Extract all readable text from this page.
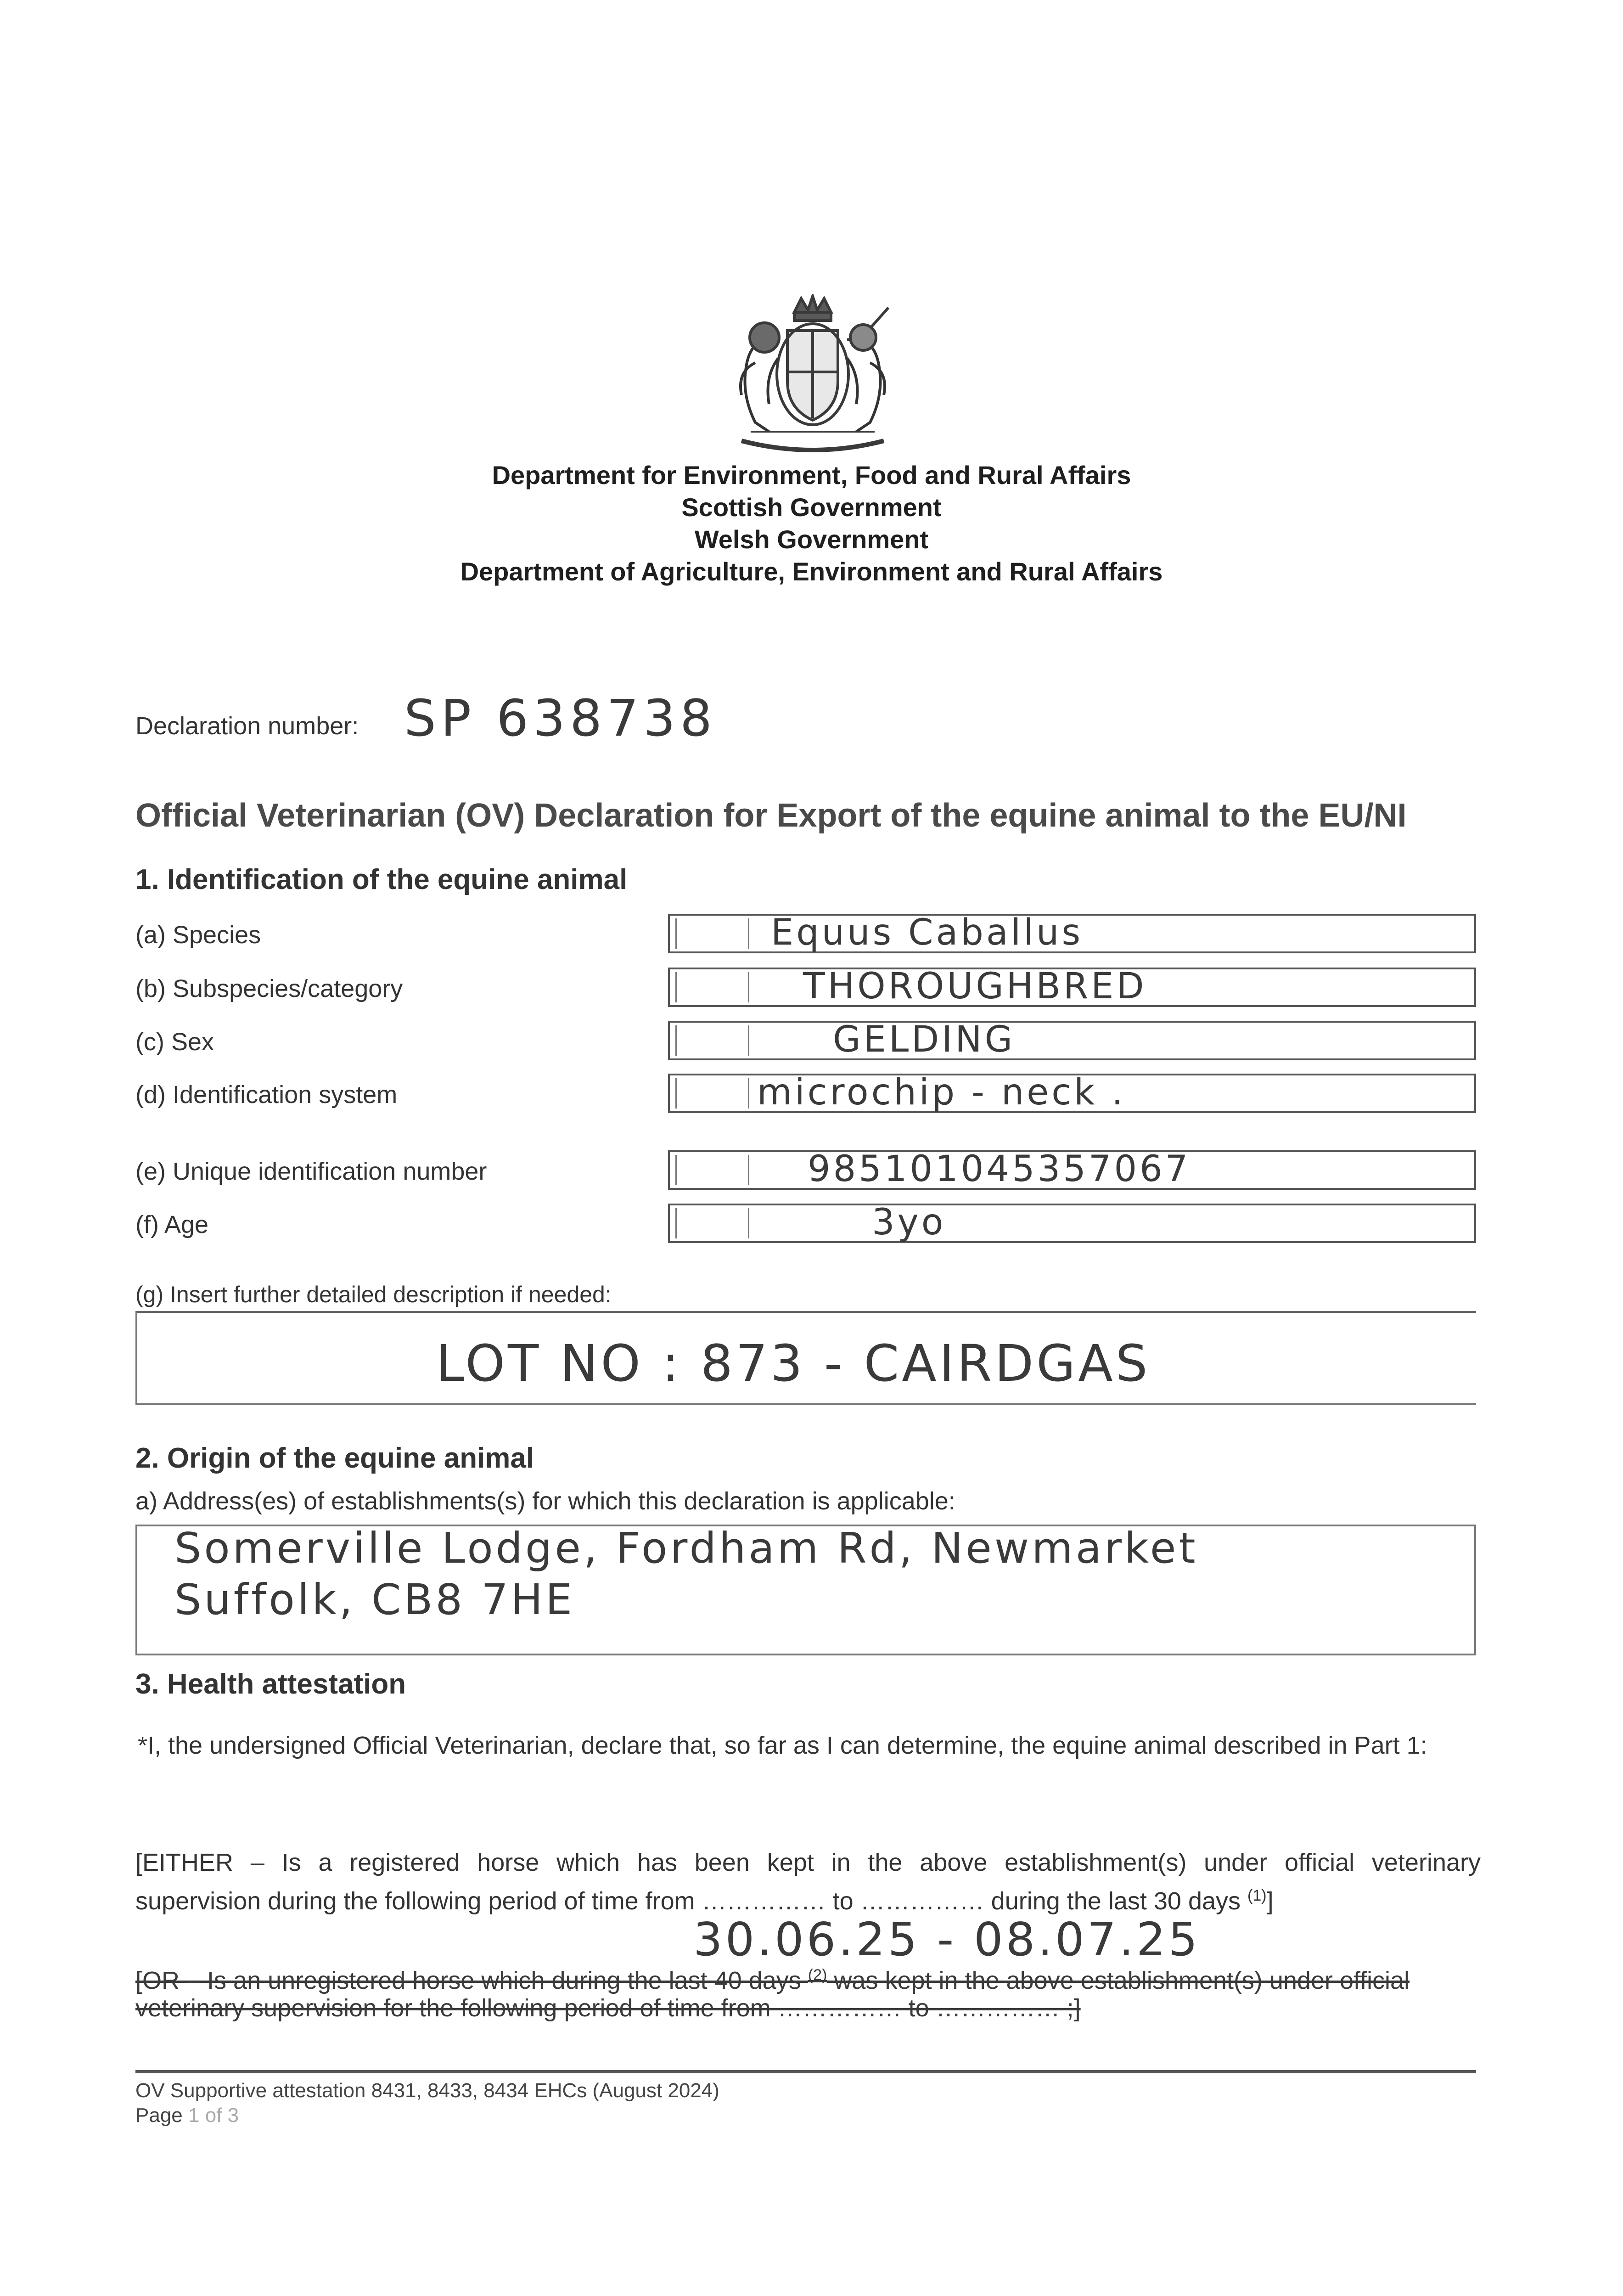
Department for Environment, Food and Rural Affairs
Scottish Government
Welsh Government
Department of Agriculture, Environment and Rural Affairs
Declaration number: SP 638738
Official Veterinarian (OV) Declaration for Export of the equine animal to the EU/NI
1. Identification of the equine animal
(a) Species	Equus Caballus
(b) Subspecies/category	THOROUGHBRED
(c) Sex	GELDING
(d) Identification system	microchip - neck .
(e) Unique identification number	985101045357067
(f) Age	3yo
(g) Insert further detailed description if needed:
LOT NO : 873 - CAIRDGAS
2. Origin of the equine animal
a) Address(es) of establishments(s) for which this declaration is applicable:
Somerville Lodge, Fordham Rd, Newmarket
Suffolk, CB8 7HE
3. Health attestation
*I, the undersigned Official Veterinarian, declare that, so far as I can determine, the equine animal described in Part 1:
[EITHER – Is a registered horse which has been kept in the above establishment(s) under official veterinary
supervision during the following period of time from …………… to …………… during the last 30 days $^{(1)}$]
30.06.25 - 08.07.25
[OR – Is an unregistered horse which during the last 40 days $^{(2)}$ was kept in the above establishment(s) under official
veterinary supervision for the following period of time from …………… to …………… ;]
OV Supportive attestation 8431, 8433, 8434 EHCs (August 2024)
Page 1 of 3
